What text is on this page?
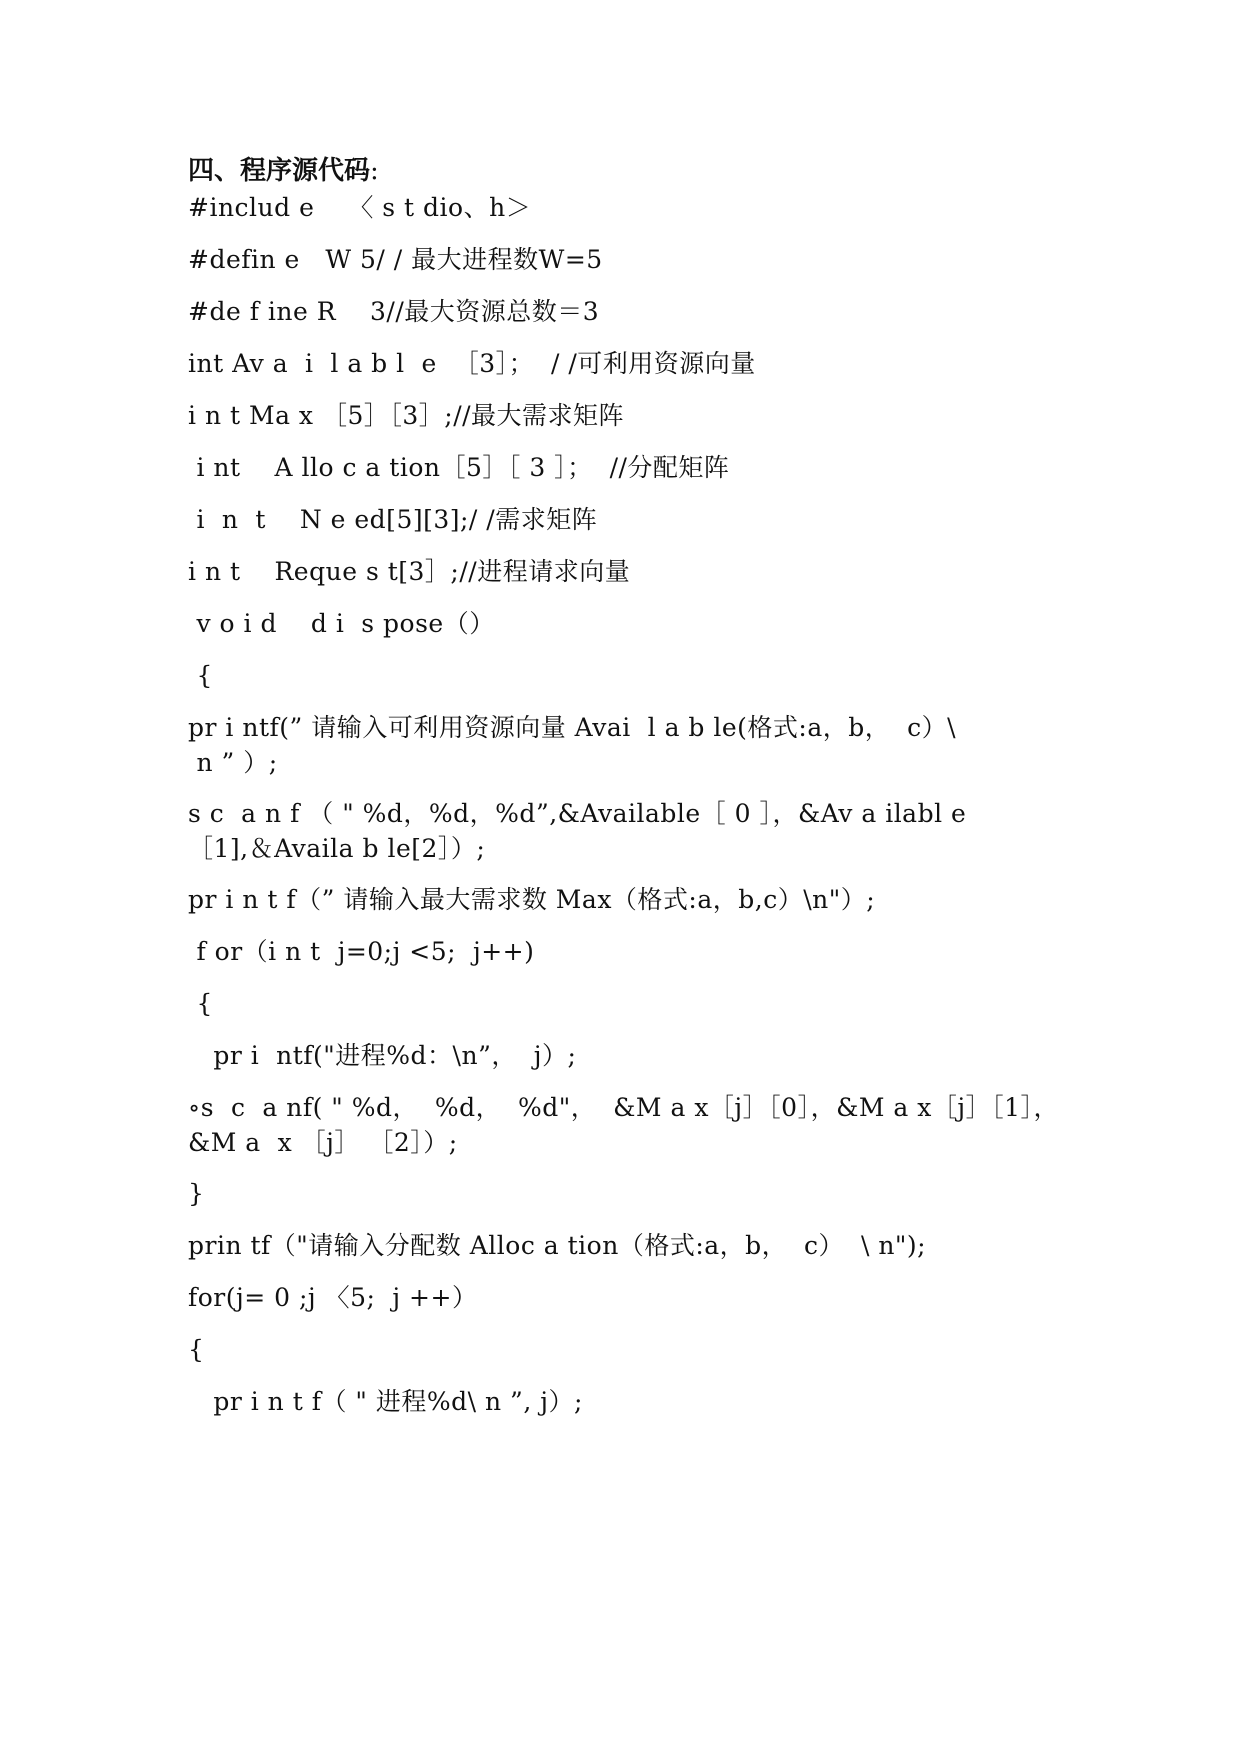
四、程序源代码:
#includ e　 〈 s t dio、h＞
#defin e　W 5/ / 最大进程数W=5
#de f ine R　 3//最大资源总数＝3
int Av a  i  l a b l  e  ［3］；  / /可利用资源向量
i n t Ma x ［5］［3］;//最大需求矩阵
i nt　 A llo c a tion［5］［ 3 ］；  //分配矩阵
i  n  t　 N e ed[5][3];/ /需求矩阵
i n t　 Reque s t[3］;//进程请求向量
v o i d　 d i  s pose（）
{
pr i ntf(” 请输入可利用资源向量 Avai  l a b le(格式:a，b，  c）\
n ” ）;
s c  a n f （ " %d，%d，%d”,&Available［ 0 ］，&Av a ilabl e
［1],＆Availa b le[2］）;
pr i n t f（” 请输入最大需求数 Max（格式:a，b,c）\n"）;
f or（i n t  j=0;j <5;  j++)
{
pr i  ntf("进程%d：\n”，  j）;
∘s  c  a nf( " %d，  %d，  %d"，  &M a x［j］［0］，&M a x［j］［1］，
&M a  x ［j］ ［2］）;
}
prin tf（"请输入分配数 Alloc a tion（格式:a，b，  c）  \ n");
for(j= 0 ;j 〈5;  j ++）
{
pr i n t f（ " 进程%d\ n ”, j）;
